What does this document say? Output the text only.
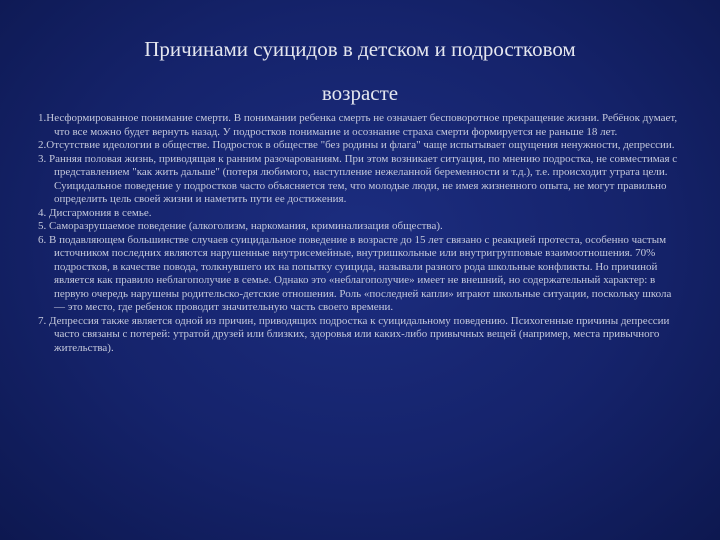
Причинами суицидов в детском и подростковом
возрасте

1.Несформированное понимание смерти. В понимании ребенка смерть не означает бесповоротное прекращение жизни. Ребёнок думает, что все можно будет вернуть назад. У подростков понимание и осознание страха смерти формируется не раньше 18 лет.

2.Отсутствие идеологии в обществе. Подросток в обществе "без родины и флага" чаще испытывает ощущения ненужности, депрессии.

3. Ранняя половая жизнь, приводящая к ранним разочарованиям. При этом возникает ситуация, по мнению подростка, не совместимая с представлением "как жить дальше" (потеря любимого, наступление нежеланной беременности и т.д.), т.е. происходит утрата цели. Суицидальное поведение у подростков часто объясняется тем, что молодые люди, не имея жизненного опыта, не могут правильно определить цель своей жизни и наметить пути ее достижения.

4. Дисгармония в семье.

5. Саморазрушаемое поведение (алкоголизм, наркомания, криминализация общества).

6. В подавляющем большинстве случаев суицидальное поведение в возрасте до 15 лет связано с реакцией протеста, особенно частым источником последних являются нарушенные внутрисемейные, внутришкольные или внутригрупповые взаимоотношения. 70% подростков, в качестве повода, толкнувшего их на попытку суицида, называли разного рода школьные конфликты. Но причиной является как правило неблагополучие в семье. Однако это «неблагополучие» имеет не внешний, но содержательный характер: в первую очередь нарушены родительско-детские отношения. Роль «последней капли» играют школьные ситуации, поскольку школа — это место, где ребенок проводит значительную часть своего времени.

7. Депрессия также является одной из причин, приводящих подростка к суицидальному поведению. Психогенные причины депрессии часто связаны с потерей: утратой друзей или близких, здоровья или каких-либо привычных вещей (например, места привычного жительства).
